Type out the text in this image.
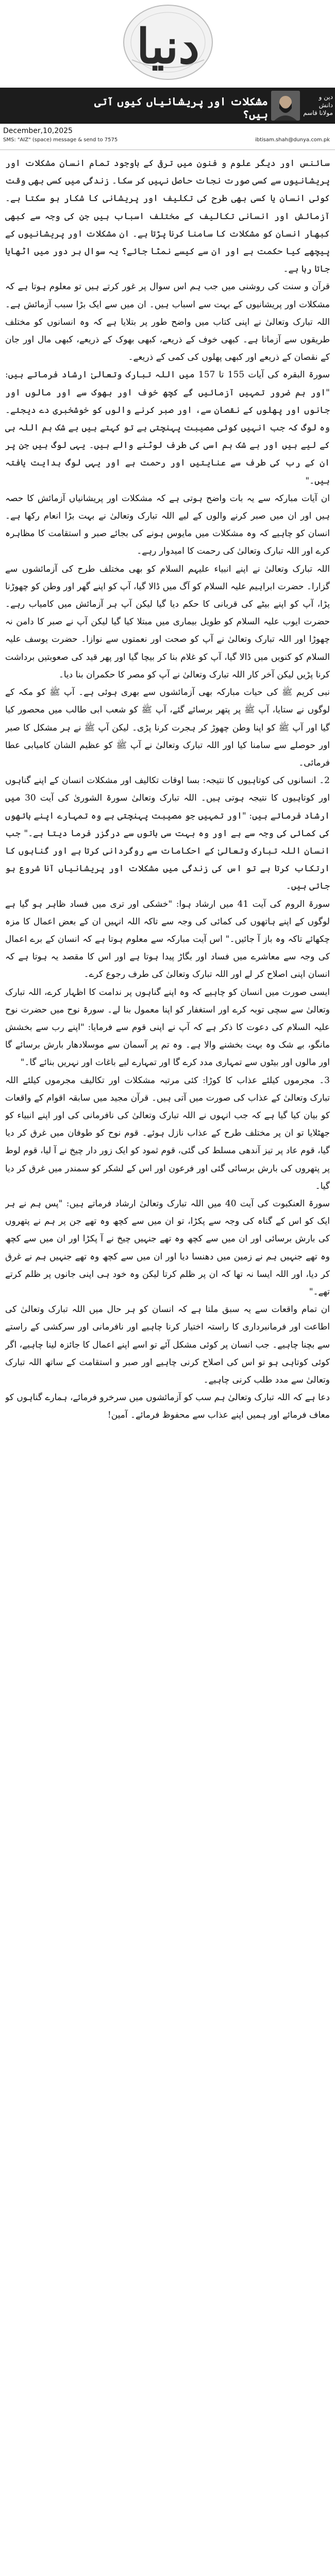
دنیا
مشکلات اور پریشانیاں کیوں آتی ہیں؟
دین و دانش
مولانا قاسم
December,10,2025
SMS: "AIZ" (space) message & send to 7575	ibtisam.shah@dunya.com.pk

سائنس اور دیگر علوم و فنون میں ترقی کے باوجود تمام انسان مشکلات اور پریشانیوں سے کسی صورت نجات حاصل نہیں کر سکا۔ زندگی میں کسی بھی وقت کوئی انسان یا کسی بھی طرح کی تکلیف اور پریشانی کا شکار ہو سکتا ہے۔ آزمائش اور انسانی تکالیف کے مختلف اسباب ہیں جن کی وجہ سے کبھی کبھار انسان کو مشکلات کا سامنا کرنا پڑتا ہے۔ ان مشکلات اور پریشانیوں کے پیچھے کیا حکمت ہے اور ان سے کیسے نمٹا جائے؟ یہ سوال ہر دور میں اٹھایا جاتا رہا ہے۔

قرآن و سنت کی روشنی میں جب ہم اس سوال پر غور کرتے ہیں تو معلوم ہوتا ہے کہ مشکلات اور پریشانیوں کے بہت سے اسباب ہیں۔ ان میں سے ایک بڑا سبب آزمائش ہے۔ اللہ تبارک وتعالیٰ نے اپنی کتاب میں واضح طور پر بتلایا ہے کہ وہ انسانوں کو مختلف طریقوں سے آزماتا ہے۔ کبھی خوف کے ذریعے، کبھی بھوک کے ذریعے، کبھی مال اور جان کے نقصان کے ذریعے اور کبھی پھلوں کی کمی کے ذریعے۔

سورۃ البقرہ کی آیات 155 تا 157 میں اللہ تبارک وتعالیٰ ارشاد فرماتے ہیں: "اور ہم ضرور تمہیں آزمائیں گے کچھ خوف اور بھوک سے اور مالوں اور جانوں اور پھلوں کے نقصان سے، اور صبر کرنے والوں کو خوشخبری دے دیجئے۔ وہ لوگ کہ جب انہیں کوئی مصیبت پہنچتی ہے تو کہتے ہیں بے شک ہم اللہ ہی کے لیے ہیں اور بے شک ہم اسی کی طرف لوٹنے والے ہیں۔ یہی لوگ ہیں جن پر ان کے رب کی طرف سے عنایتیں اور رحمت ہے اور یہی لوگ ہدایت یافتہ ہیں۔"

ان آیات مبارکہ سے یہ بات واضح ہوتی ہے کہ مشکلات اور پریشانیاں آزمائش کا حصہ ہیں اور ان میں صبر کرنے والوں کے لیے اللہ تبارک وتعالیٰ نے بہت بڑا انعام رکھا ہے۔ انسان کو چاہیے کہ وہ مشکلات میں مایوس ہونے کی بجائے صبر و استقامت کا مظاہرہ کرے اور اللہ تبارک وتعالیٰ کی رحمت کا امیدوار رہے۔

اللہ تبارک وتعالیٰ نے اپنے انبیاء علیہم السلام کو بھی مختلف طرح کی آزمائشوں سے گزارا۔ حضرت ابراہیم علیہ السلام کو آگ میں ڈالا گیا، آپ کو اپنے گھر اور وطن کو چھوڑنا پڑا، آپ کو اپنے بیٹے کی قربانی کا حکم دیا گیا لیکن آپ ہر آزمائش میں کامیاب رہے۔ حضرت ایوب علیہ السلام کو طویل بیماری میں مبتلا کیا گیا لیکن آپ نے صبر کا دامن نہ چھوڑا اور اللہ تبارک وتعالیٰ نے آپ کو صحت اور نعمتوں سے نوازا۔ حضرت یوسف علیہ السلام کو کنویں میں ڈالا گیا، آپ کو غلام بنا کر بیچا گیا اور پھر قید کی صعوبتیں برداشت کرنا پڑیں لیکن آخر کار اللہ تبارک وتعالیٰ نے آپ کو مصر کا حکمران بنا دیا۔

نبی کریم ﷺ کی حیات مبارکہ بھی آزمائشوں سے بھری ہوئی ہے۔ آپ ﷺ کو مکہ کے لوگوں نے ستایا، آپ ﷺ پر پتھر برسائے گئے، آپ ﷺ کو شعب ابی طالب میں محصور کیا گیا اور آپ ﷺ کو اپنا وطن چھوڑ کر ہجرت کرنا پڑی۔ لیکن آپ ﷺ نے ہر مشکل کا صبر اور حوصلے سے سامنا کیا اور اللہ تبارک وتعالیٰ نے آپ ﷺ کو عظیم الشان کامیابی عطا فرمائی۔

2۔ انسانوں کی کوتاہیوں کا نتیجہ: بسا اوقات تکالیف اور مشکلات انسان کے اپنے گناہوں اور کوتاہیوں کا نتیجہ ہوتی ہیں۔ اللہ تبارک وتعالیٰ سورۃ الشوریٰ کی آیت 30 میں ارشاد فرماتے ہیں: "اور تمہیں جو مصیبت پہنچتی ہے وہ تمہارے اپنے ہاتھوں کی کمائی کی وجہ سے ہے اور وہ بہت سی باتوں سے درگزر فرما دیتا ہے۔" جب انسان اللہ تبارک وتعالیٰ کے احکامات سے روگردانی کرتا ہے اور گناہوں کا ارتکاب کرتا ہے تو اس کی زندگی میں مشکلات اور پریشانیاں آنا شروع ہو جاتی ہیں۔

سورۃ الروم کی آیت 41 میں ارشاد ہوا: "خشکی اور تری میں فساد ظاہر ہو گیا ہے لوگوں کے اپنے ہاتھوں کی کمائی کی وجہ سے تاکہ اللہ انہیں ان کے بعض اعمال کا مزہ چکھائے تاکہ وہ باز آ جائیں۔" اس آیت مبارکہ سے معلوم ہوتا ہے کہ انسان کے برے اعمال کی وجہ سے معاشرے میں فساد اور بگاڑ پیدا ہوتا ہے اور اس کا مقصد یہ ہوتا ہے کہ انسان اپنی اصلاح کر لے اور اللہ تبارک وتعالیٰ کی طرف رجوع کرے۔

ایسی صورت میں انسان کو چاہیے کہ وہ اپنے گناہوں پر ندامت کا اظہار کرے، اللہ تبارک وتعالیٰ سے سچی توبہ کرے اور استغفار کو اپنا معمول بنا لے۔ سورۃ نوح میں حضرت نوح علیہ السلام کی دعوت کا ذکر ہے کہ آپ نے اپنی قوم سے فرمایا: "اپنے رب سے بخشش مانگو، بے شک وہ بہت بخشنے والا ہے۔ وہ تم پر آسمان سے موسلادھار بارش برسائے گا اور مالوں اور بیٹوں سے تمہاری مدد کرے گا اور تمہارے لیے باغات اور نہریں بنائے گا۔"

3۔ مجرموں کیلئے عذاب کا کوڑا: کئی مرتبہ مشکلات اور تکالیف مجرموں کیلئے اللہ تبارک وتعالیٰ کے عذاب کی صورت میں آتی ہیں۔ قرآن مجید میں سابقہ اقوام کے واقعات کو بیان کیا گیا ہے کہ جب انہوں نے اللہ تبارک وتعالیٰ کی نافرمانی کی اور اپنے انبیاء کو جھٹلایا تو ان پر مختلف طرح کے عذاب نازل ہوئے۔ قوم نوح کو طوفان میں غرق کر دیا گیا، قوم عاد پر تیز آندھی مسلط کی گئی، قوم ثمود کو ایک زور دار چیخ نے آ لیا، قوم لوط پر پتھروں کی بارش برسائی گئی اور فرعون اور اس کے لشکر کو سمندر میں غرق کر دیا گیا۔

سورۃ العنکبوت کی آیت 40 میں اللہ تبارک وتعالیٰ ارشاد فرماتے ہیں: "پس ہم نے ہر ایک کو اس کے گناہ کی وجہ سے پکڑا، تو ان میں سے کچھ وہ تھے جن پر ہم نے پتھروں کی بارش برسائی اور ان میں سے کچھ وہ تھے جنہیں چیخ نے آ پکڑا اور ان میں سے کچھ وہ تھے جنہیں ہم نے زمین میں دھنسا دیا اور ان میں سے کچھ وہ تھے جنہیں ہم نے غرق کر دیا، اور اللہ ایسا نہ تھا کہ ان پر ظلم کرتا لیکن وہ خود ہی اپنی جانوں پر ظلم کرتے تھے۔"

ان تمام واقعات سے یہ سبق ملتا ہے کہ انسان کو ہر حال میں اللہ تبارک وتعالیٰ کی اطاعت اور فرمانبرداری کا راستہ اختیار کرنا چاہیے اور نافرمانی اور سرکشی کے راستے سے بچنا چاہیے۔ جب انسان پر کوئی مشکل آئے تو اسے اپنے اعمال کا جائزہ لینا چاہیے، اگر کوئی کوتاہی ہو تو اس کی اصلاح کرنی چاہیے اور صبر و استقامت کے ساتھ اللہ تبارک وتعالیٰ سے مدد طلب کرنی چاہیے۔

دعا ہے کہ اللہ تبارک وتعالیٰ ہم سب کو آزمائشوں میں سرخرو فرمائے، ہمارے گناہوں کو معاف فرمائے اور ہمیں اپنے عذاب سے محفوظ فرمائے۔ آمین!
